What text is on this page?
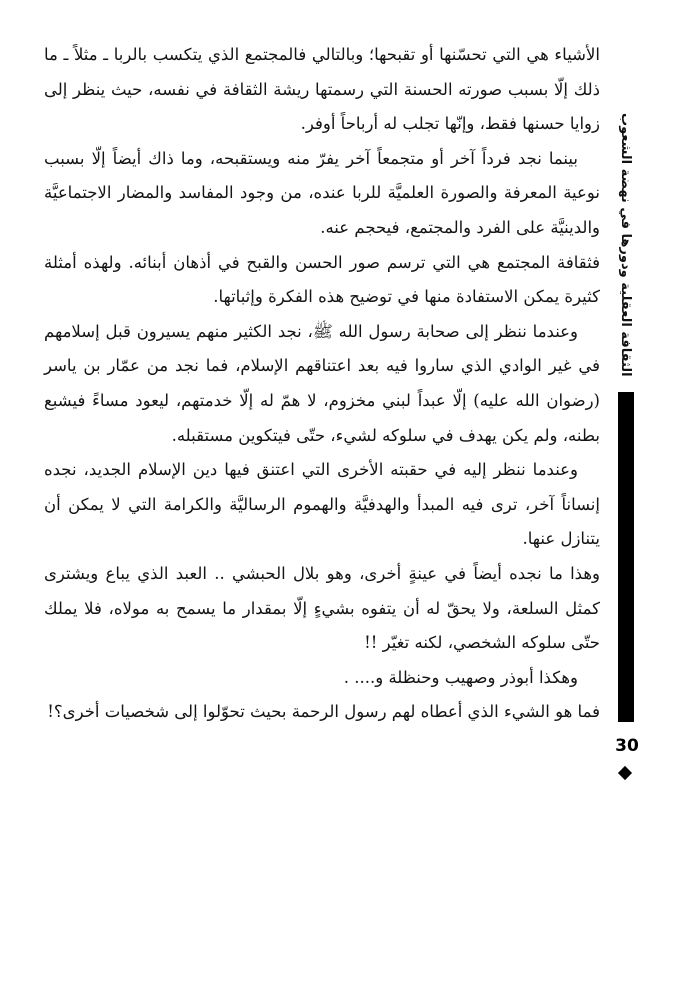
الأشياء هي التي تحسّنها أو تقبحها؛ وبالتالي فالمجتمع الذي يتكسب بالربا ـ مثلاً ـ ما ذلك إلّا بسبب صورته الحسنة التي رسمتها ريشة الثقافة في نفسه، حيث ينظر إلى زوايا حسنها فقط، وإنّها تجلب له أرباحاً أوفر.

بينما نجد فرداً آخر أو متجمعاً آخر يفرّ منه ويستقبحه، وما ذاك أيضاً إلّا بسبب نوعية المعرفة والصورة العلميَّة للربا عنده، من وجود المفاسد والمضار الاجتماعيَّة والدينيَّة على الفرد والمجتمع، فيحجم عنه.

فثقافة المجتمع هي التي ترسم صور الحسن والقبح في أذهان أبنائه. ولهذه أمثلة كثيرة يمكن الاستفادة منها في توضيح هذه الفكرة وإثباتها.

وعندما ننظر إلى صحابة رسول الله ﷺ، نجد الكثير منهم يسيرون قبل إسلامهم في غير الوادي الذي ساروا فيه بعد اعتناقهم الإسلام، فما نجد من عمّار بن ياسر (رضوان الله عليه) إلّا عبداً لبني مخزوم، لا همّ له إلّا خدمتهم، ليعود مساءً فيشبع بطنه، ولم يكن يهدف في سلوكه لشيء، حتّى فيتكوين مستقبله.

وعندما ننظر إليه في حقبته الأخرى التي اعتنق فيها دين الإسلام الجديد، نجده إنساناً آخر، ترى فيه المبدأ والهدفيَّة والهموم الرساليَّة والكرامة التي لا يمكن أن يتنازل عنها.

وهذا ما نجده أيضاً في عينةٍ أخرى، وهو بلال الحبشي .. العبد الذي يباع ويشترى كمثل السلعة، ولا يحقّ له أن يتفوه بشيءٍ إلّا بمقدار ما يسمح به مولاه، فلا يملك حتّى سلوكه الشخصي، لكنه تغيّر !!

وهكذا أبوذر وصهيب وحنظلة و.... .

فما هو الشيء الذي أعطاه لهم رسول الرحمة بحيث تحوّلوا إلى شخصيات أخرى؟!

الثقافة العقلية ودورها في نهضة الشعوب
30
